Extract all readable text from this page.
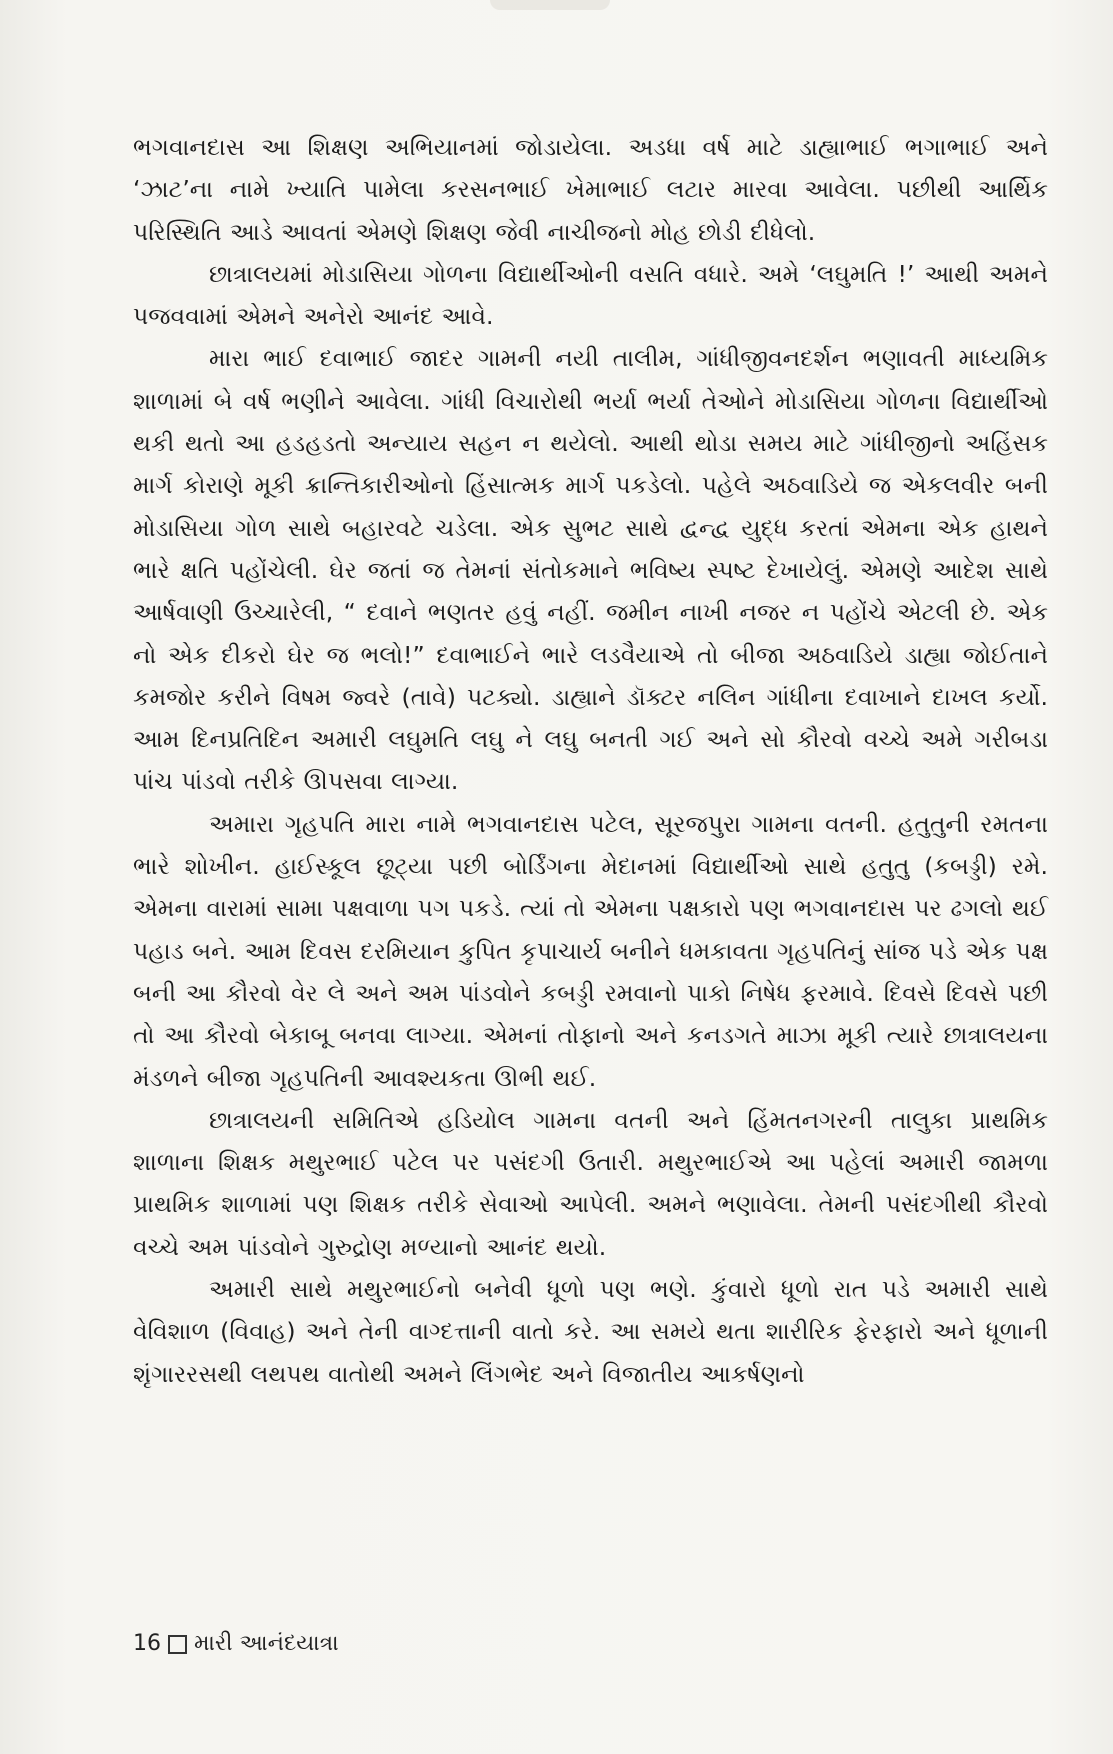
ભગવાનદાસ આ શિક્ષણ અભિયાનમાં જોડાયેલા. અડધા વર્ષ માટે ડાહ્યાભાઈ ભગાભાઈ અને ‘ઝાટ’ના નામે ખ્યાતિ પામેલા કરસનભાઈ ખેમાભાઈ લટાર મારવા આવેલા. પછીથી આર્થિક પરિસ્થિતિ આડે આવતાં એમણે શિક્ષણ જેવી નાચીજનો મોહ છોડી દીધેલો.

છાત્રાલયમાં મોડાસિયા ગોળના વિદ્યાર્થીઓની વસતિ વધારે. અમે ‘લઘુમતિ !’ આથી અમને પજવવામાં એમને અનેરો આનંદ આવે.

મારા ભાઈ દવાભાઈ જાદર ગામની નયી તાલીમ, ગાંધીજીવનદર્શન ભણાવતી માધ્યમિક શાળામાં બે વર્ષ ભણીને આવેલા. ગાંધી વિચારોથી ભર્યા ભર્યા તેઓને મોડાસિયા ગોળના વિદ્યાર્થીઓ થકી થતો આ હડહડતો અન્યાય સહન ન થયેલો. આથી થોડા સમય માટે ગાંધીજીનો અહિંસક માર્ગ કોરાણે મૂકી ક્રાન્તિકારીઓનો હિંસાત્મક માર્ગ પકડેલો. પહેલે અઠવાડિયે જ એકલવીર બની મોડાસિયા ગોળ સાથે બહારવટે ચડેલા. એક સુભટ સાથે દ્વન્દ્વ યુદ્ધ કરતાં એમના એક હાથને ભારે ક્ષતિ પહોંચેલી. ઘેર જતાં જ તેમનાં સંતોકમાને ભવિષ્ય સ્પષ્ટ દેખાયેલું. એમણે આદેશ સાથે આર્ષવાણી ઉચ્ચારેલી, “ દવાને ભણતર હવું નહીં. જમીન નાખી નજર ન પહોંચે એટલી છે. એક નો એક દીકરો ઘેર જ ભલો!” દવાભાઈને ભારે લડવૈયાએ તો બીજા અઠવાડિયે ડાહ્યા જોઈતાને કમજોર કરીને વિષમ જ્વરે (તાવે) પટક્યો. ડાહ્યાને ડૉક્ટર નલિન ગાંધીના દવાખાને દાખલ કર્યો. આમ દિનપ્રતિદિન અમારી લઘુમતિ લઘુ ને લઘુ બનતી ગઈ અને સો કૌરવો વચ્ચે અમે ગરીબડા પાંચ પાંડવો તરીકે ઊપસવા લાગ્યા.

અમારા ગૃહપતિ મારા નામે ભગવાનદાસ પટેલ, સૂરજપુરા ગામના વતની. હતુતુની રમતના ભારે શોખીન. હાઈસ્કૂલ છૂટ્યા પછી બોર્ડિંગના મેદાનમાં વિદ્યાર્થીઓ સાથે હતુતુ (કબડ્ડી) રમે. એમના વારામાં સામા પક્ષવાળા પગ પકડે. ત્યાં તો એમના પક્ષકારો પણ ભગવાનદાસ પર ઢગલો થઈ પહાડ બને. આમ દિવસ દરમિયાન કુપિત કૃપાચાર્ય બનીને ધમકાવતા ગૃહપતિનું સાંજ પડે એક પક્ષ બની આ કૌરવો વેર લે અને અમ પાંડવોને કબડ્ડી રમવાનો પાકો નિષેધ ફરમાવે. દિવસે દિવસે પછી તો આ કૌરવો બેકાબૂ બનવા લાગ્યા. એમનાં તોફાનો અને કનડગતે માઝા મૂકી ત્યારે છાત્રાલયના મંડળને બીજા ગૃહપતિની આવશ્યકતા ઊભી થઈ.

છાત્રાલયની સમિતિએ હડિયોલ ગામના વતની અને હિંમતનગરની તાલુકા પ્રાથમિક શાળાના શિક્ષક મથુરભાઈ પટેલ પર પસંદગી ઉતારી. મથુરભાઈએ આ પહેલાં અમારી જામળા પ્રાથમિક શાળામાં પણ શિક્ષક તરીકે સેવાઓ આપેલી. અમને ભણાવેલા. તેમની પસંદગીથી કૌરવો વચ્ચે અમ પાંડવોને ગુરુદ્રોણ મળ્યાનો આનંદ થયો.

અમારી સાથે મથુરભાઈનો બનેવી ધૂળો પણ ભણે. કુંવારો ધૂળો રાત પડે અમારી સાથે વેવિશાળ (વિવાહ) અને તેની વાગ્દત્તાની વાતો કરે. આ સમયે થતા શારીરિક ફેરફારો અને ધૂળાની શૃંગારરસથી લથપથ વાતોથી અમને લિંગભેદ અને વિજાતીય આકર્ષણનો

16 મારી આનંદયાત્રા
